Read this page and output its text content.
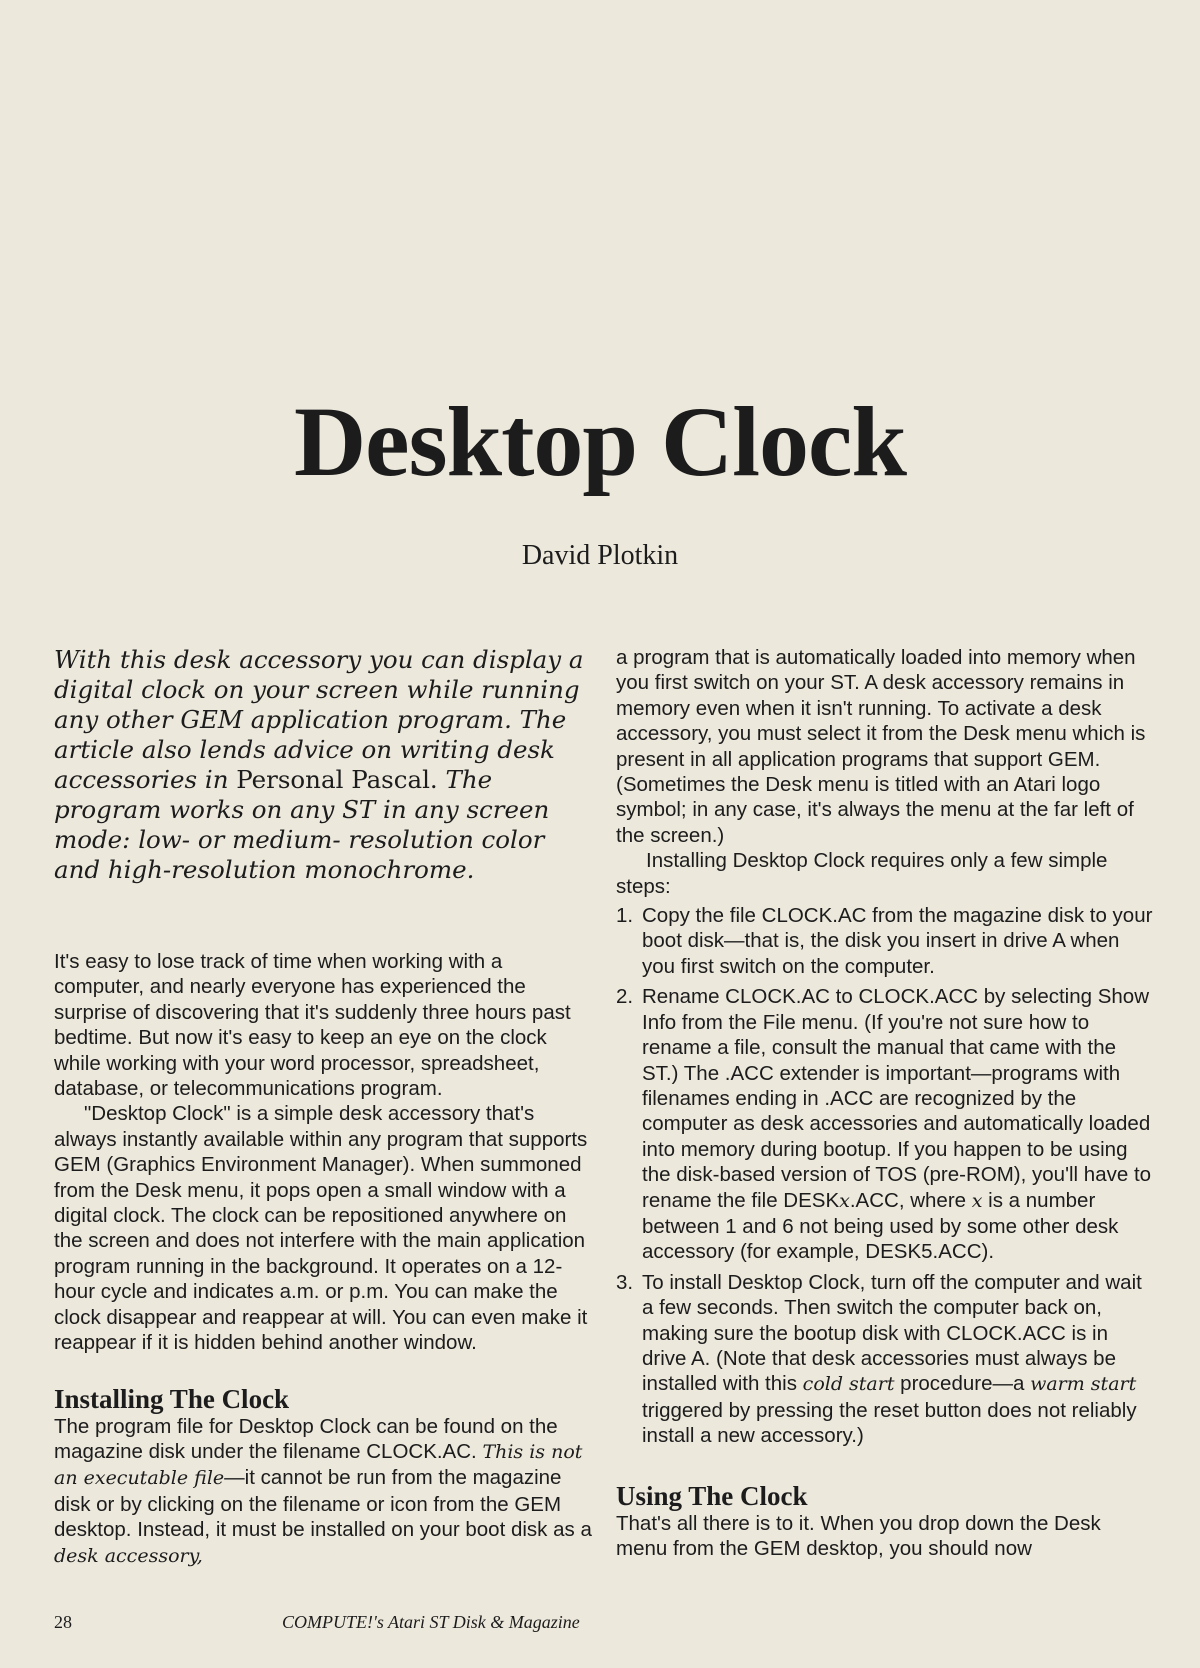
Desktop Clock
David Plotkin

With this desk accessory you can display a digital clock on your screen while running any other GEM application program. The article also lends advice on writing desk accessories in Personal Pascal. The program works on any ST in any screen mode: low- or medium- resolution color and high-resolution monochrome.

It's easy to lose track of time when working with a computer, and nearly everyone has experienced the surprise of discovering that it's suddenly three hours past bedtime. But now it's easy to keep an eye on the clock while working with your word processor, spreadsheet, database, or telecommunications program.

"Desktop Clock" is a simple desk accessory that's always instantly available within any program that supports GEM (Graphics Environment Manager). When summoned from the Desk menu, it pops open a small window with a digital clock. The clock can be repositioned anywhere on the screen and does not interfere with the main application program running in the background. It operates on a 12-hour cycle and indicates a.m. or p.m. You can make the clock disappear and reappear at will. You can even make it reappear if it is hidden behind another window.

Installing The Clock

The program file for Desktop Clock can be found on the magazine disk under the filename CLOCK.AC. This is not an executable file—it cannot be run from the magazine disk or by clicking on the filename or icon from the GEM desktop. Instead, it must be installed on your boot disk as a desk accessory,

a program that is automatically loaded into memory when you first switch on your ST. A desk accessory remains in memory even when it isn't running. To activate a desk accessory, you must select it from the Desk menu which is present in all application programs that support GEM. (Sometimes the Desk menu is titled with an Atari logo symbol; in any case, it's always the menu at the far left of the screen.)

Installing Desktop Clock requires only a few simple steps:

1. Copy the file CLOCK.AC from the magazine disk to your boot disk—that is, the disk you insert in drive A when you first switch on the computer.
2. Rename CLOCK.AC to CLOCK.ACC by selecting Show Info from the File menu. (If you're not sure how to rename a file, consult the manual that came with the ST.) The .ACC extender is important—programs with filenames ending in .ACC are recognized by the computer as desk accessories and automatically loaded into memory during bootup. If you happen to be using the disk-based version of TOS (pre-ROM), you'll have to rename the file DESKx.ACC, where x is a number between 1 and 6 not being used by some other desk accessory (for example, DESK5.ACC).
3. To install Desktop Clock, turn off the computer and wait a few seconds. Then switch the computer back on, making sure the bootup disk with CLOCK.ACC is in drive A. (Note that desk accessories must always be installed with this cold start procedure—a warm start triggered by pressing the reset button does not reliably install a new accessory.)
Using The Clock

That's all there is to it. When you drop down the Desk menu from the GEM desktop, you should now

28	COMPUTE!'s Atari ST Disk & Magazine
